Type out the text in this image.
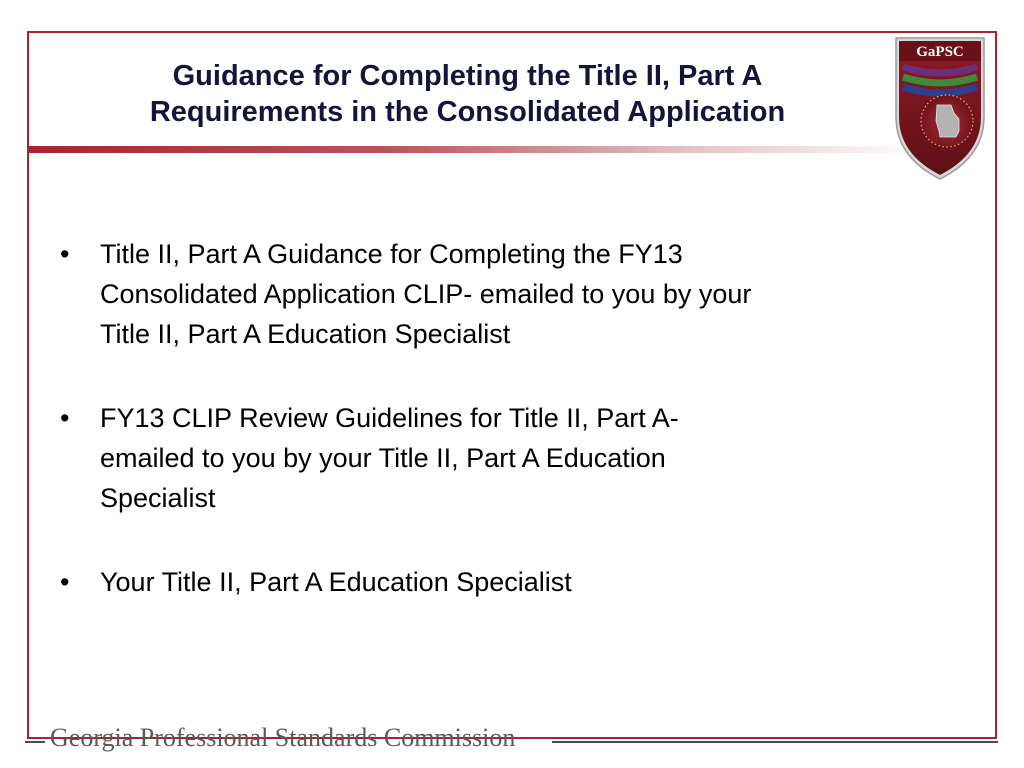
Guidance for Completing the Title II, Part A
Requirements in the Consolidated Application
GaPSC
• Title II, Part A Guidance for Completing the FY13
Consolidated Application CLIP- emailed to you by your
Title II, Part A Education Specialist
• FY13 CLIP Review Guidelines for Title II, Part A-
emailed to you by your Title II, Part A Education
Specialist
• Your Title II, Part A Education Specialist
Georgia Professional Standards Commission
